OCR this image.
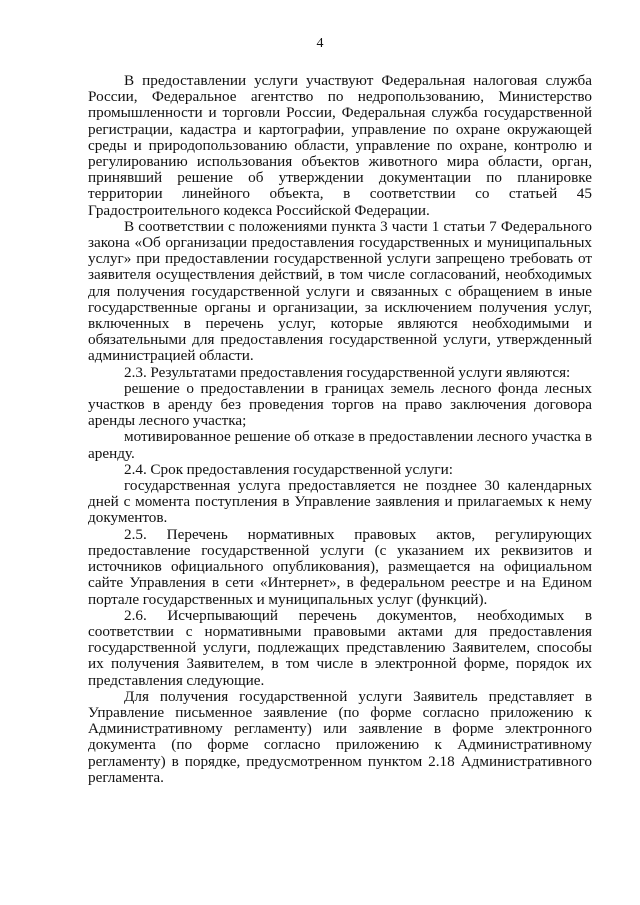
4

В предоставлении услуги участвуют Федеральная налоговая служба России, Федеральное агентство по недропользованию, Министерство промышленности и торговли России, Федеральная служба государственной регистрации, кадастра и картографии, управление по охране окружающей среды и природопользованию области, управление по охране, контролю и регулированию использования объектов животного мира области, орган, принявший решение об утверждении документации по планировке территории линейного объекта, в соответствии со статьей 45 Градостроительного кодекса Российской Федерации.

В соответствии с положениями пункта 3 части 1 статьи 7 Федерального закона «Об организации предоставления государственных и муниципальных услуг» при предоставлении государственной услуги запрещено требовать от заявителя осуществления действий, в том числе согласований, необходимых для получения государственной услуги и связанных с обращением в иные государственные органы и организации, за исключением получения услуг, включенных в перечень услуг, которые являются необходимыми и обязательными для предоставления государственной услуги, утвержденный администрацией области.

2.3. Результатами предоставления государственной услуги являются:

решение о предоставлении в границах земель лесного фонда лесных участков в аренду без проведения торгов на право заключения договора аренды лесного участка;

мотивированное решение об отказе в предоставлении лесного участка в аренду.

2.4. Срок предоставления государственной услуги:

государственная услуга предоставляется не позднее 30 календарных дней с момента поступления в Управление заявления и прилагаемых к нему документов.

2.5. Перечень нормативных правовых актов, регулирующих предоставление государственной услуги (с указанием их реквизитов и источников официального опубликования), размещается на официальном сайте Управления в сети «Интернет», в федеральном реестре и на Едином портале государственных и муниципальных услуг (функций).

2.6. Исчерпывающий перечень документов, необходимых в соответствии с нормативными правовыми актами для предоставления государственной услуги, подлежащих представлению Заявителем, способы их получения Заявителем, в том числе в электронной форме, порядок их представления следующие.

Для получения государственной услуги Заявитель представляет в Управление письменное заявление (по форме согласно приложению к Административному регламенту) или заявление в форме электронного документа (по форме согласно приложению к Административному регламенту) в порядке, предусмотренном пунктом 2.18 Административного регламента.
